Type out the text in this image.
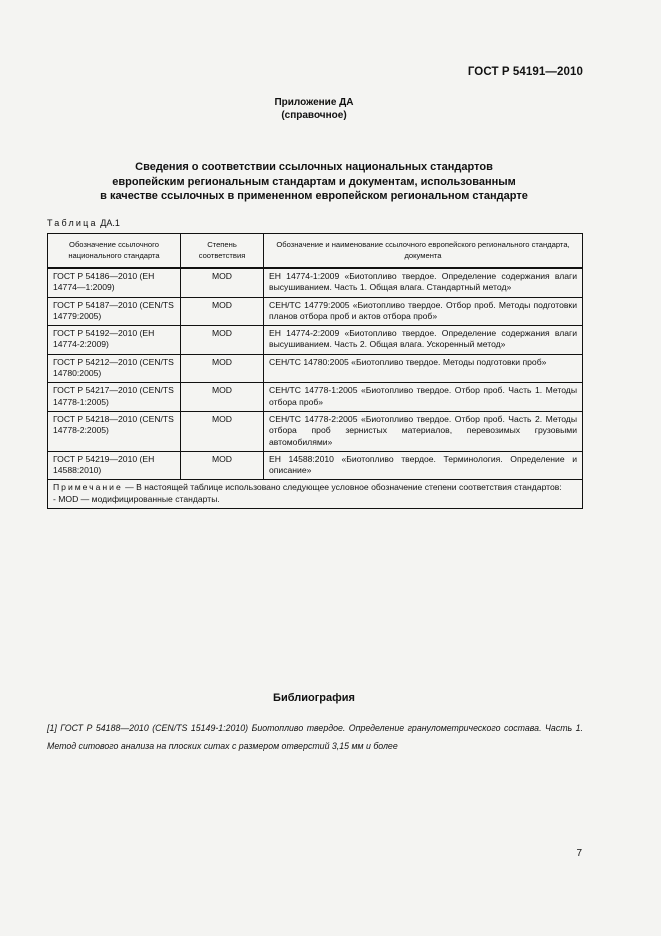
ГОСТ Р 54191—2010
Приложение ДА
(справочное)
Сведения о соответствии ссылочных национальных стандартов
европейским региональным стандартам и документам, использованным
в качестве ссылочных в примененном европейском региональном стандарте
Таблица ДА.1
Обозначение ссылочного национального стандарта	Степень соответствия	Обозначение и наименование ссылочного европейского регионального стандарта, документа
ГОСТ Р 54186—2010 (ЕН 14774—1:2009)	MOD	ЕН 14774-1:2009 «Биотопливо твердое. Определение содержания влаги высушиванием. Часть 1. Общая влага. Стандартный метод»
ГОСТ Р 54187—2010 (CEN/TS 14779:2005)	MOD	CEH/TC 14779:2005 «Биотопливо твердое. Отбор проб. Методы подготовки планов отбора проб и актов отбора проб»
ГОСТ Р 54192—2010 (ЕН 14774-2:2009)	MOD	ЕН 14774-2:2009 «Биотопливо твердое. Определение содержания влаги высушиванием. Часть 2. Общая влага. Ускоренный метод»
ГОСТ Р 54212—2010 (CEN/TS 14780:2005)	MOD	CEH/TC 14780:2005 «Биотопливо твердое. Методы подготовки проб»
ГОСТ Р 54217—2010 (CEN/TS 14778-1:2005)	MOD	CEH/TC 14778-1:2005 «Биотопливо твердое. Отбор проб. Часть 1. Методы отбора проб»
ГОСТ Р 54218—2010 (CEN/TS 14778-2:2005)	MOD	CEH/TC 14778-2:2005 «Биотопливо твердое. Отбор проб. Часть 2. Методы отбора проб зернистых материалов, перевозимых грузовыми автомобилями»
ГОСТ Р 54219—2010 (ЕН 14588:2010)	MOD	ЕН 14588:2010 «Биотопливо твердое. Терминология. Определение и описание»
Примечание — В настоящей таблице использовано следующее условное обозначение степени соответствия стандартов:
- MOD — модифицированные стандарты.		
Библиография
[1] ГОСТ Р 54188—2010 (CEN/TS 15149-1:2010) Биотопливо твердое. Определение гранулометрического состава. Часть 1. Метод ситового анализа на плоских ситах с размером отверстий 3,15 мм и более
7
